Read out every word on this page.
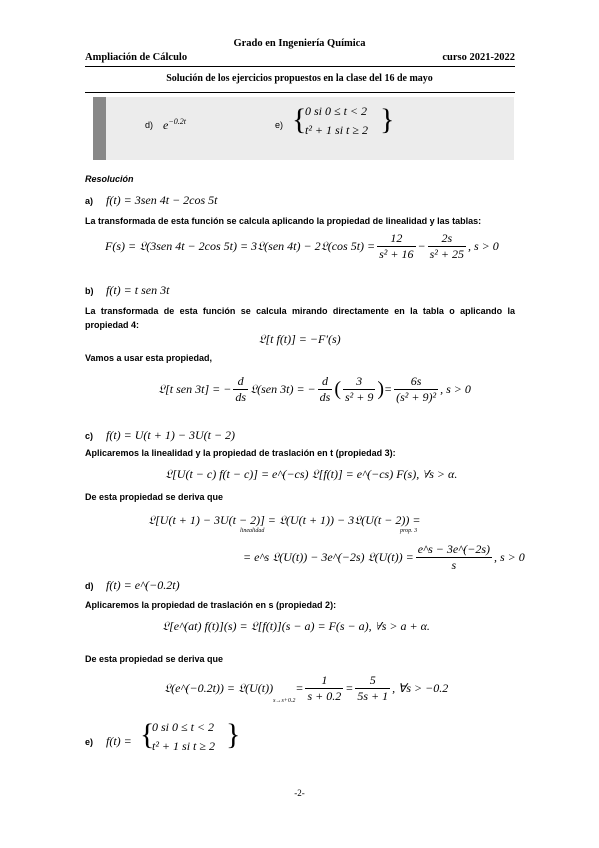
Grado en Ingeniería Química
Ampliación de Cálculo	curso 2021-2022
Solución de los ejercicios propuestos en la clase del 16 de mayo
d) $e^{-0.2t}$	e) {
0 si 0 ≤ t < 2
t² + 1 si t ≥ 2 }
Resolución
a) f(t) = 3sen 4t − 2cos 5t
La transformada de esta función se calcula aplicando la propiedad de linealidad y las tablas:
F(s) = 𝔏(3sen 4t − 2cos 5t) = 3𝔏(sen 4t) − 2𝔏(cos $5t) = \frac{12}{\text{s² + 16}} - \frac{2s}{\text{s² + 25}}$ , s > 0
b) f(t) = t sen 3t
La transformada de esta función se calcula mirando directamente en la tabla o aplicando la propiedad 4:
𝔏[t f(t)] = −F′(s)
Vamos a usar esta propiedad,
𝔏[t sen 3t] = − $\frac{d}{ds}$ 𝔏(sen 3t) = − $\frac{d}{ds}$ ( $\frac{3}{\text{s² + 9}}$ ) = $\frac{6s}{\text{(s² + 9)²}}$ , s > 0
c) f(t) = U(t + 1) − 3U(t − 2)
Aplicaremos la linealidad y la propiedad de traslación en t (propiedad 3):
𝔏[U(t − c) f(t − c)] = e^(−cs) 𝔏[f(t)] = e^(−cs) F(s), ∀s > α.
De esta propiedad se deriva que
𝔏[U(t + 1) − 3U(t − 2)] = 𝔏(U(t + 1)) − 3𝔏(U(t − 2)) =
linealidad	prop. 3
= e^s 𝔏(U(t)) − 3e^(−2s) 𝔏(U(t)) = $\frac{e\^{}s - 3e\^{}(-2s)}{s}$ , s > 0
d) f(t) = e^(−0.2t)
Aplicaremos la propiedad de traslación en s (propiedad 2):
𝔏[e^(at) f(t)](s) = 𝔏[f(t)](s − a) = F(s − a), ∀s > a + α.
De esta propiedad se deriva que
𝔏(e^(−0.2t)) = 𝔏(U(t))
s→s+0.2
= $\frac{1}{s + 0.2} = \frac{5}{5s + 1}$ , ∀s > −0.2
e) f(t) = {
0 si 0 ≤ t < 2
t² + 1 si t ≥ 2 }
-2-
